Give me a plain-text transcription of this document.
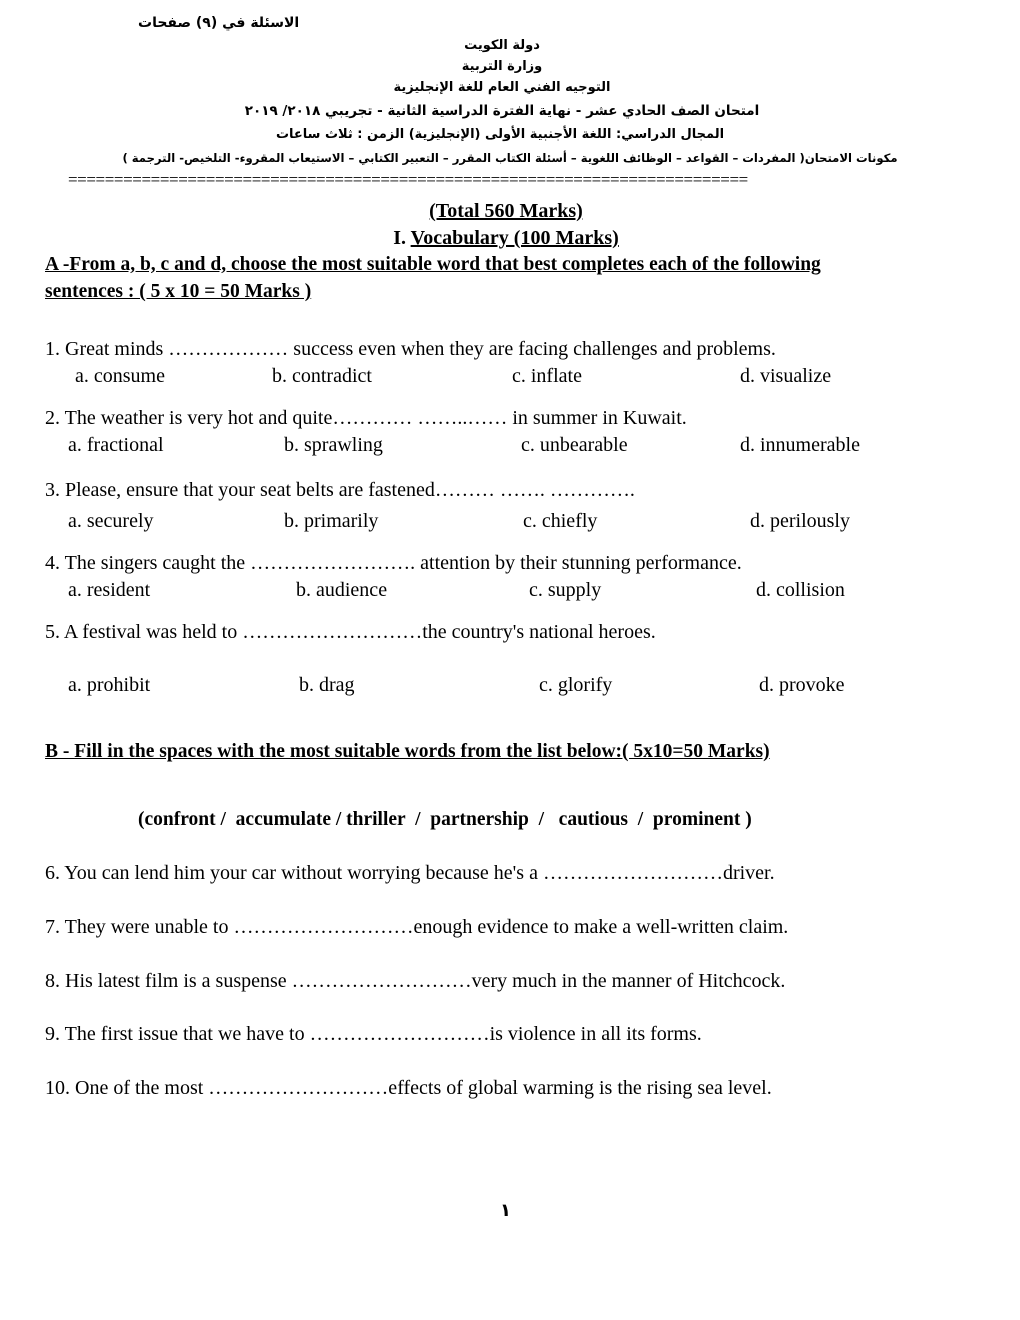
الاسئلة في (٩) صفحات
دولة الكويت
وزارة التربية
التوجيه الفني العام للغة الإنجليزية
امتحان الصف الحادي عشر - نهاية الفترة الدراسية الثانية - تجريبي ٢٠١٨/ ٢٠١٩
المجال الدراسي: اللغة الأجنبية الأولى (الإنجليزية) الزمن : ثلاث ساعات
مكونات الامتحان( المفردات – القواعد – الوظائف اللغوية – أسئلة الكتاب المقرر – التعبير الكتابي – الاستيعاب المقروء- التلخيص- الترجمة )
==========================================================================
(Total 560 Marks)
I. Vocabulary (100 Marks)
A -From a, b, c and d, choose the most suitable word that best completes each of the following
sentences : ( 5 x 10 = 50 Marks )
1. Great minds ……………… success even when they are facing challenges and problems.
a. consume	b. contradict	c. inflate	d. visualize
2. The weather is very hot and quite………… ……..…… in summer in Kuwait.
a. fractional	b. sprawling	c. unbearable	d. innumerable
3. Please, ensure that your seat belts are fastened……… ……. ………….
a. securely	b. primarily	c. chiefly	d. perilously
4. The singers caught the ……………………. attention by their stunning performance.
a. resident	b. audience	c. supply	d. collision
5. A festival was held to ………………………the country's national heroes.
a. prohibit	b. drag	c. glorify	d. provoke
B - Fill in the spaces with the most suitable words from the list below:( 5x10=50 Marks)
(confront /  accumulate / thriller  /  partnership  /   cautious  /  prominent )
6. You can lend him your car without worrying because he's a ………………………driver.
7. They were unable to ………………………enough evidence to make a well-written claim.
8. His latest film is a suspense ………………………very much in the manner of Hitchcock.
9. The first issue that we have to ………………………is violence in all its forms.
10. One of the most ………………………effects of global warming is the rising sea level.
١
